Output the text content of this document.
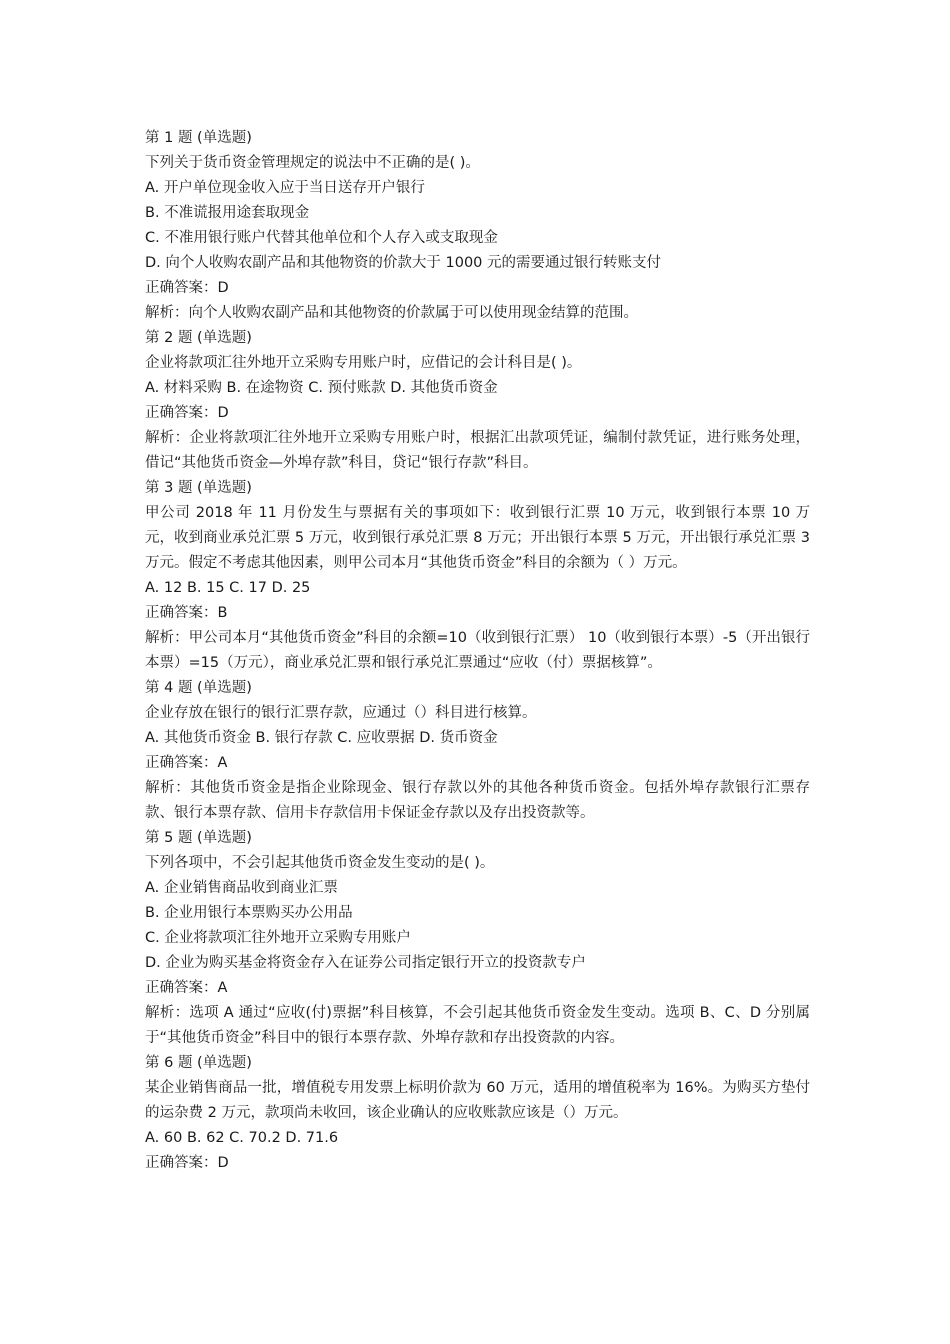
第 1 题 (单选题)

下列关于货币资金管理规定的说法中不正确的是( )。

A. 开户单位现金收入应于当日送存开户银行

B. 不准谎报用途套取现金

C. 不准用银行账户代替其他单位和个人存入或支取现金

D. 向个人收购农副产品和其他物资的价款大于 1000 元的需要通过银行转账支付

正确答案：D

解析：向个人收购农副产品和其他物资的价款属于可以使用现金结算的范围。

第 2 题 (单选题)

企业将款项汇往外地开立采购专用账户时，应借记的会计科目是( )。

A. 材料采购 B. 在途物资 C. 预付账款 D. 其他货币资金

正确答案：D

解析：企业将款项汇往外地开立采购专用账户时，根据汇出款项凭证，编制付款凭证，进行账务处理，借记“其他货币资金—外埠存款”科目，贷记“银行存款”科目。

第 3 题 (单选题)

甲公司 2018 年 11 月份发生与票据有关的事项如下：收到银行汇票 10 万元，收到银行本票 10 万元，收到商业承兑汇票 5 万元，收到银行承兑汇票 8 万元；开出银行本票 5 万元，开出银行承兑汇票 3 万元。假定不考虑其他因素，则甲公司本月“其他货币资金”科目的余额为（ ）万元。

A. 12 B. 15 C. 17 D. 25

正确答案：B

解析：甲公司本月“其他货币资金”科目的余额=10（收到银行汇票） 10（收到银行本票）-5（开出银行本票）=15（万元），商业承兑汇票和银行承兑汇票通过“应收（付）票据核算”。

第 4 题 (单选题)

企业存放在银行的银行汇票存款，应通过（）科目进行核算。

A. 其他货币资金 B. 银行存款 C. 应收票据 D. 货币资金

正确答案：A

解析：其他货币资金是指企业除现金、银行存款以外的其他各种货币资金。包括外埠存款银行汇票存款、银行本票存款、信用卡存款信用卡保证金存款以及存出投资款等。

第 5 题 (单选题)

下列各项中，不会引起其他货币资金发生变动的是( )。

A. 企业销售商品收到商业汇票

B. 企业用银行本票购买办公用品

C. 企业将款项汇往外地开立采购专用账户

D. 企业为购买基金将资金存入在证券公司指定银行开立的投资款专户

正确答案：A

解析：选项 A 通过“应收(付)票据”科目核算，不会引起其他货币资金发生变动。选项 B、C、D 分别属于“其他货币资金”科目中的银行本票存款、外埠存款和存出投资款的内容。

第 6 题 (单选题)

某企业销售商品一批，增值税专用发票上标明价款为 60 万元，适用的增值税率为 16%。为购买方垫付的运杂费 2 万元，款项尚未收回，该企业确认的应收账款应该是（）万元。

A. 60 B. 62 C. 70.2 D. 71.6

正确答案：D
